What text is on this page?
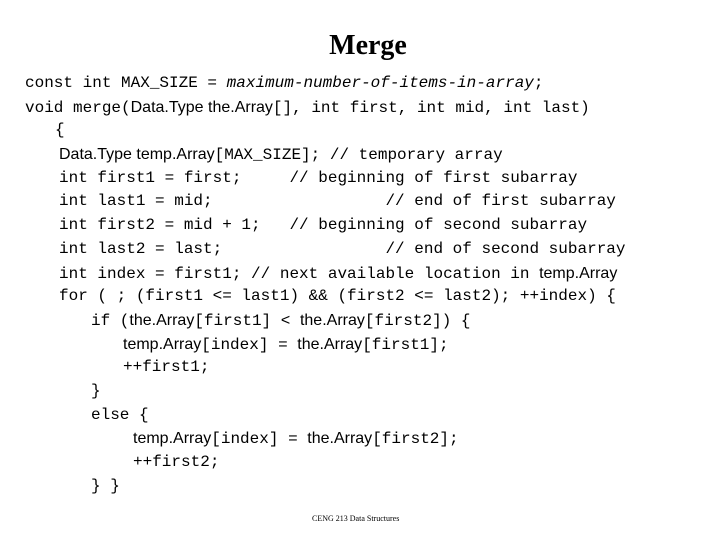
Merge
const int MAX_SIZE = maximum-number-of-items-in-array;
void merge(Data.Type the.Array[], int first, int mid, int last)
{
Data.Type temp.Array[MAX_SIZE]; // temporary array
int first1 = first;     // beginning of first subarray
int last1 = mid;                  // end of first subarray
int first2 = mid + 1;   // beginning of second subarray
int last2 = last;                 // end of second subarray
int index = first1; // next available location in temp.Array
for ( ; (first1 <= last1) && (first2 <= last2); ++index) {
if (the.Array[first1] < the.Array[first2]) {
temp.Array[index] = the.Array[first1];
++first1;
}
else {
temp.Array[index] = the.Array[first2];
++first2;
} }
CENG 213 Data Structures
